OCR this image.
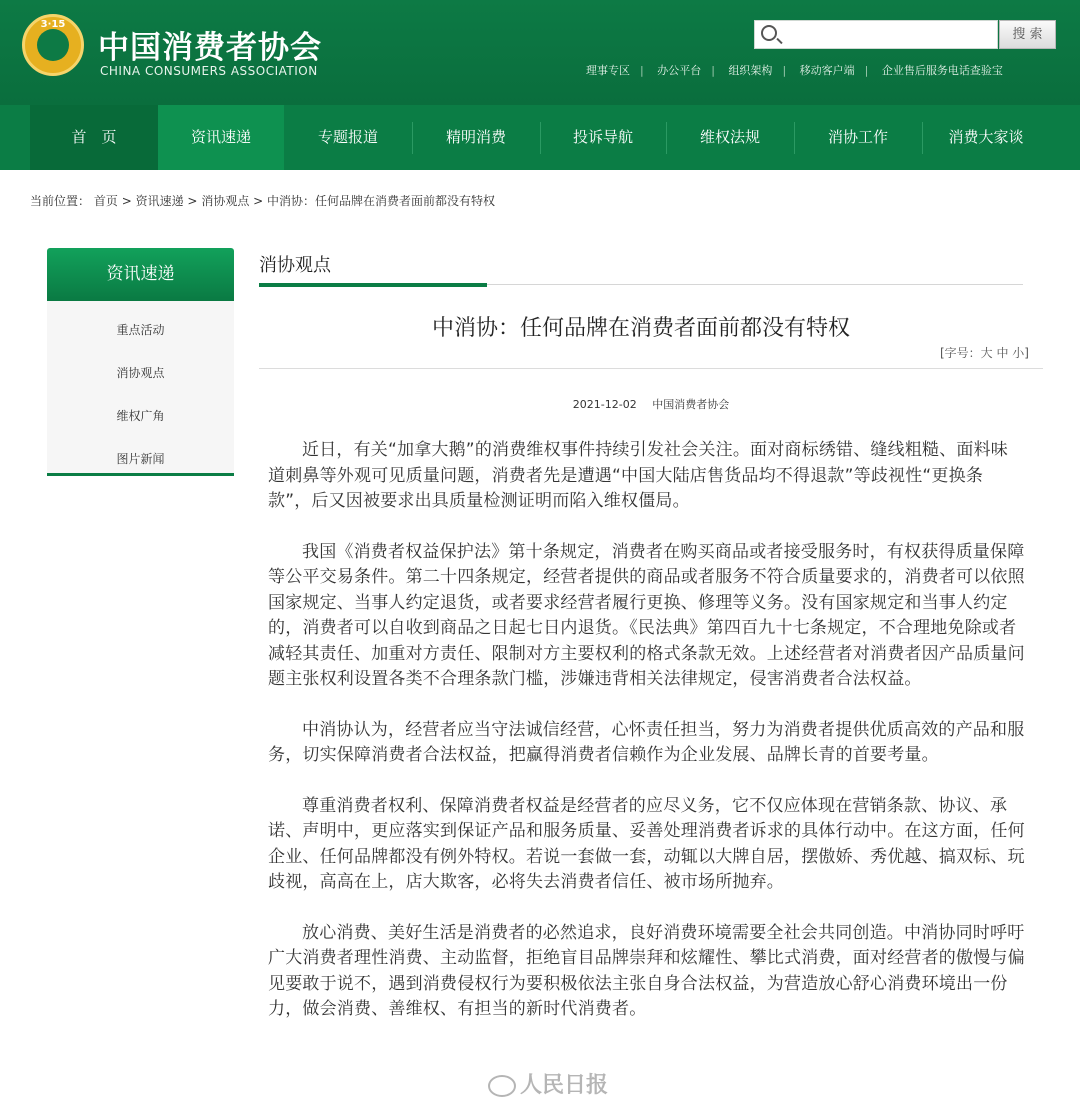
3·15
中国消费者协会
CHINA CONSUMERS ASSOCIATION
搜 索
理事专区 | 办公平台 | 组织架构 | 移动客户端 | 企业售后服务电话查验宝
首　页	资讯速递	专题报道	精明消费	投诉导航	维权法规	消协工作	消费大家谈
当前位置： 首页 > 资讯速递 > 消协观点 > 中消协：任何品牌在消费者面前都没有特权
资讯速递
重点活动
消协观点
维权广角
图片新闻
消协观点
中消协：任何品牌在消费者面前都没有特权
[字号：大 中 小]
2021-12-02 中国消费者协会

近日，有关“加拿大鹅”的消费维权事件持续引发社会关注。面对商标绣错、缝线粗糙、面料味道刺鼻等外观可见质量问题，消费者先是遭遇“中国大陆店售货品均不得退款”等歧视性“更换条款”，后又因被要求出具质量检测证明而陷入维权僵局。

我国《消费者权益保护法》第十条规定，消费者在购买商品或者接受服务时，有权获得质量保障等公平交易条件。第二十四条规定，经营者提供的商品或者服务不符合质量要求的，消费者可以依照国家规定、当事人约定退货，或者要求经营者履行更换、修理等义务。没有国家规定和当事人约定的，消费者可以自收到商品之日起七日内退货。《民法典》第四百九十七条规定，不合理地免除或者减轻其责任、加重对方责任、限制对方主要权利的格式条款无效。上述经营者对消费者因产品质量问题主张权利设置各类不合理条款门槛，涉嫌违背相关法律规定，侵害消费者合法权益。

中消协认为，经营者应当守法诚信经营，心怀责任担当，努力为消费者提供优质高效的产品和服务，切实保障消费者合法权益，把赢得消费者信赖作为企业发展、品牌长青的首要考量。

尊重消费者权利、保障消费者权益是经营者的应尽义务，它不仅应体现在营销条款、协议、承诺、声明中，更应落实到保证产品和服务质量、妥善处理消费者诉求的具体行动中。在这方面，任何企业、任何品牌都没有例外特权。若说一套做一套，动辄以大牌自居，摆傲娇、秀优越、搞双标、玩歧视，高高在上，店大欺客，必将失去消费者信任、被市场所抛弃。

放心消费、美好生活是消费者的必然追求，良好消费环境需要全社会共同创造。中消协同时呼吁广大消费者理性消费、主动监督，拒绝盲目品牌崇拜和炫耀性、攀比式消费，面对经营者的傲慢与偏见要敢于说不，遇到消费侵权行为要积极依法主张自身合法权益，为营造放心舒心消费环境出一份力，做会消费、善维权、有担当的新时代消费者。

人民日报
